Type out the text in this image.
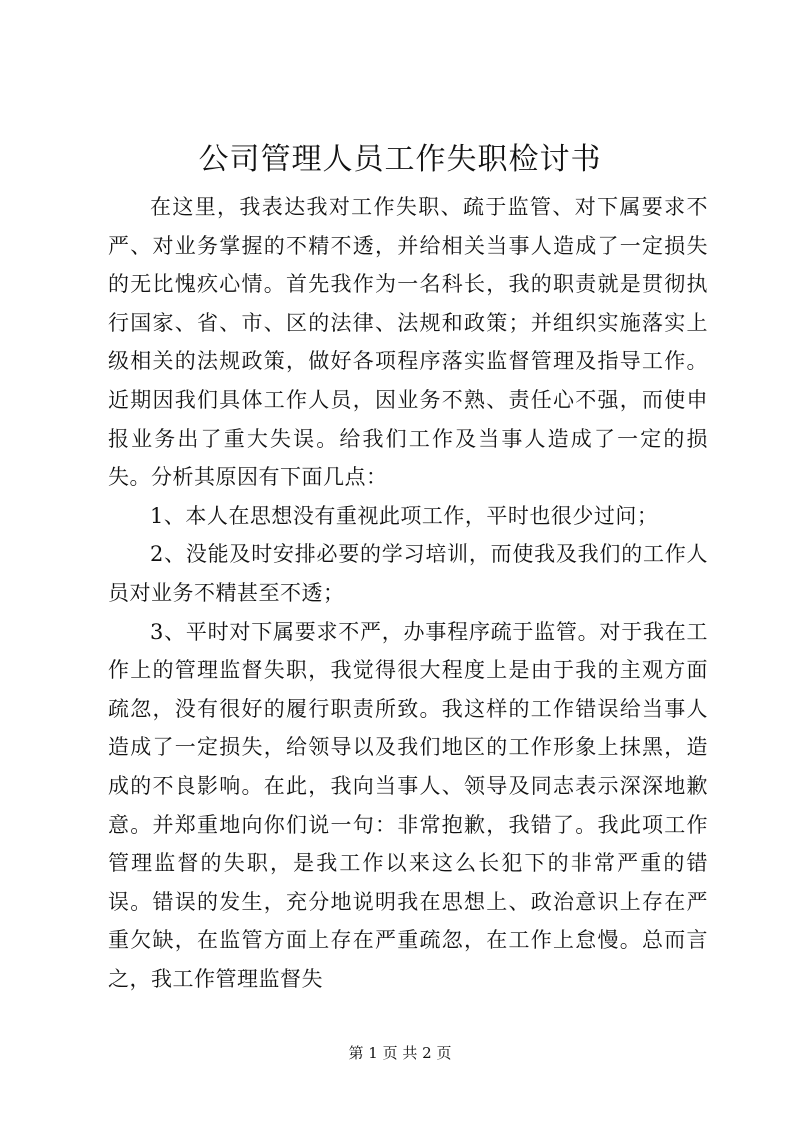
公司管理人员工作失职检讨书

在这里，我表达我对工作失职、疏于监管、对下属要求不严、对业务掌握的不精不透，并给相关当事人造成了一定损失的无比愧疚心情。首先我作为一名科长，我的职责就是贯彻执行国家、省、市、区的法律、法规和政策；并组织实施落实上级相关的法规政策，做好各项程序落实监督管理及指导工作。近期因我们具体工作人员，因业务不熟、责任心不强，而使申报业务出了重大失误。给我们工作及当事人造成了一定的损失。分析其原因有下面几点：

1、本人在思想没有重视此项工作，平时也很少过问；

2、没能及时安排必要的学习培训，而使我及我们的工作人员对业务不精甚至不透；

3、平时对下属要求不严，办事程序疏于监管。对于我在工作上的管理监督失职，我觉得很大程度上是由于我的主观方面疏忽，没有很好的履行职责所致。我这样的工作错误给当事人造成了一定损失，给领导以及我们地区的工作形象上抹黑，造成的不良影响。在此，我向当事人、领导及同志表示深深地歉意。并郑重地向你们说一句：非常抱歉，我错了。我此项工作管理监督的失职，是我工作以来这么长犯下的非常严重的错误。错误的发生，充分地说明我在思想上、政治意识上存在严重欠缺，在监管方面上存在严重疏忽，在工作上怠慢。总而言之，我工作管理监督失

第 1 页 共 2 页
